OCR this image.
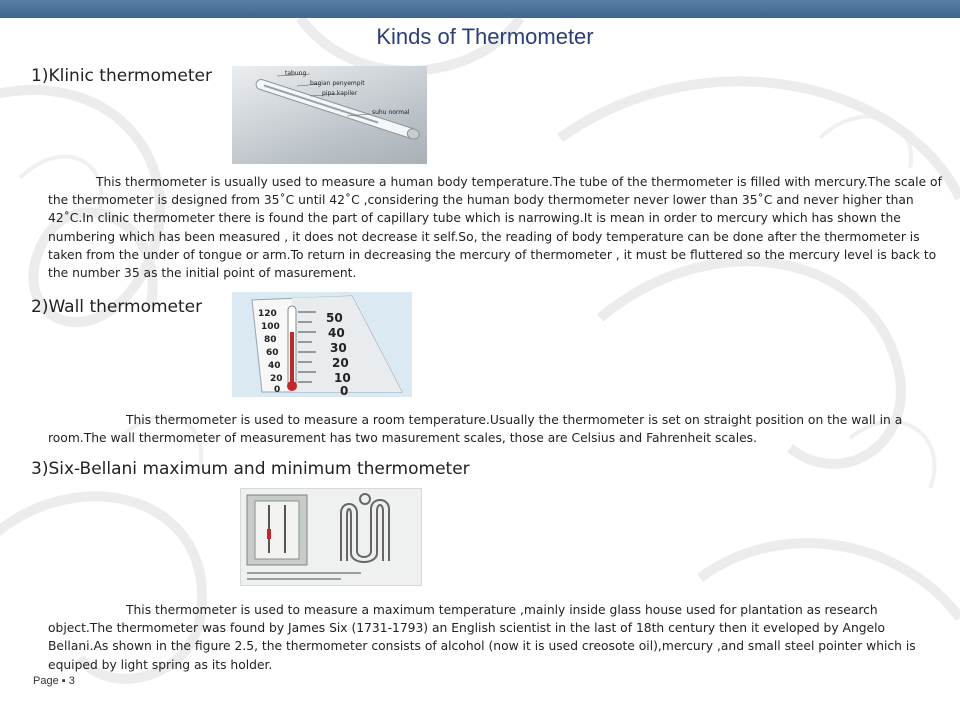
Kinds of Thermometer
1)Klinic thermometer	tabung
bagian penyempit
pipa kapiler
suhu normal

This thermometer is usually used to measure a human body temperature.The tube of the thermometer is filled with mercury.The scale of the thermometer is designed from 35˚C until 42˚C ,considering the human body thermometer never lower than 35˚C and never higher than 42˚C.In clinic thermometer there is found the part of capillary tube which is narrowing.It is mean in order to mercury which has shown the numbering which has been measured , it does not decrease it self.So, the reading of body temperature can be done after the thermometer is taken from the under of tongue or arm.To return in decreasing the mercury of thermometer , it must be fluttered so the mercury level is back to the number 35 as the initial point of masurement.

2)Wall thermometer	120
100
80
60
40
20
0
50
40
30
20
10
0

This thermometer is used to measure a room temperature.Usually the thermometer is set on straight position on the wall in a room.The wall thermometer of measurement has two masurement scales, those are Celsius and Fahrenheit scales.

3)Six-Bellani maximum and minimum thermometer

This thermometer is used to measure a maximum temperature ,mainly inside glass house used for plantation as research object.The thermometer was found by James Six (1731-1793) an English scientist in the last of 18th century then it eveloped by Angelo Bellani.As shown in the figure 2.5, the thermometer consists of alcohol (now it is used creosote oil),mercury ,and small steel pointer which is equiped by light spring as its holder.

Page ▪ 3
